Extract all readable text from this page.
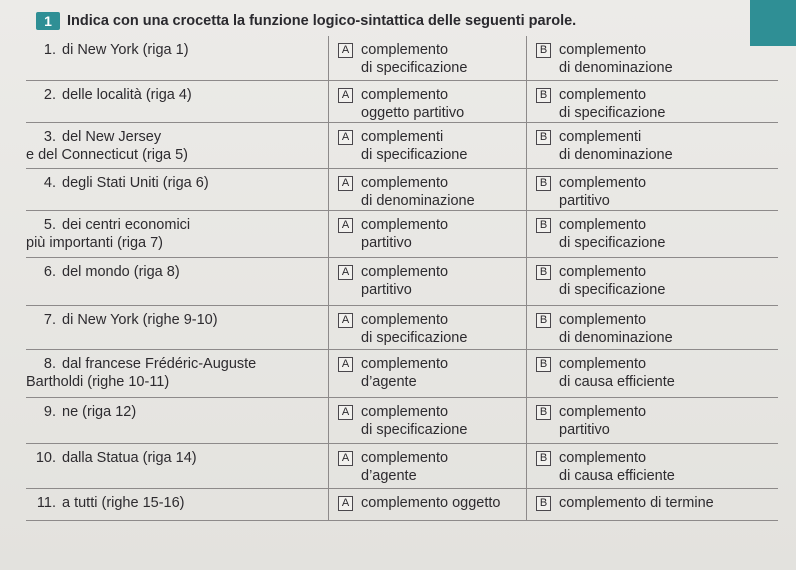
1	Indica con una crocetta la funzione logico-sintattica delle seguenti parole.
1. di New York (riga 1)	A complemento
di specificazione
B complemento
di denominazione
2. delle località (riga 4)	A complemento
oggetto partitivo
B complemento
di specificazione
3. del New Jersey
e del Connecticut (riga 5)
A complementi
di specificazione
B complementi
di denominazione
4. degli Stati Uniti (riga 6)	A complemento
di denominazione
B complemento
partitivo
5. dei centri economici
più importanti (riga 7)
A complemento
partitivo
B complemento
di specificazione
6. del mondo (riga 8)	A complemento
partitivo
B complemento
di specificazione
7. di New York (righe 9-10)	A complemento
di specificazione
B complemento
di denominazione
8. dal francese Frédéric-Auguste
Bartholdi (righe 10-11)
A complemento
d’agente
B complemento
di causa efficiente
9. ne (riga 12)	A complemento
di specificazione
B complemento
partitivo
10. dalla Statua (riga 14)	A complemento
d’agente
B complemento
di causa efficiente
11. a tutti (righe 15-16)	A complemento oggetto	B complemento di termine
